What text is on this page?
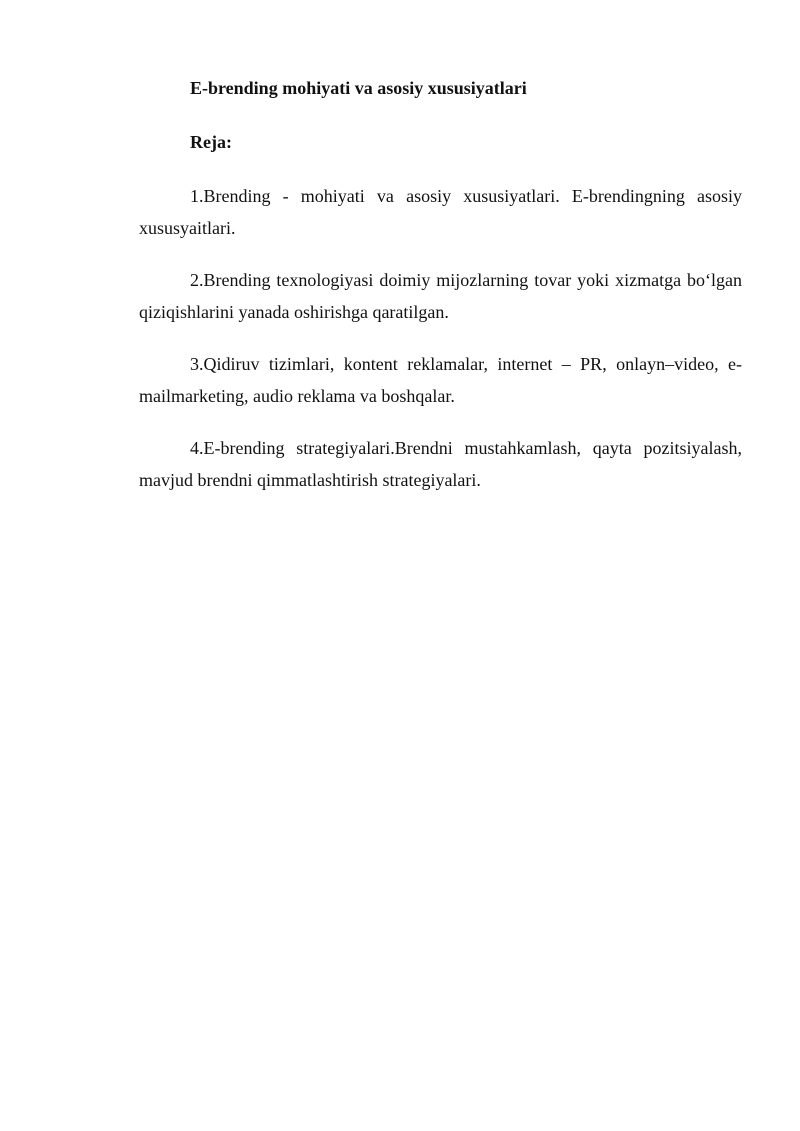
E-brending mohiyati va asosiy xususiyatlari

Reja:

1.Brending - mohiyati va asosiy xususiyatlari. E-brendingning asosiy xususyaitlari.

2.Brending texnologiyasi doimiy mijozlarning tovar yoki xizmatga bo‘lgan qiziqishlarini yanada oshirishga qaratilgan.

3.Qidiruv tizimlari, kontent reklamalar, internet – PR, onlayn–video, e-mailmarketing, audio reklama va boshqalar.

4.E-brending strategiyalari.Brendni mustahkamlash, qayta pozitsiyalash, mavjud brendni qimmatlashtirish strategiyalari.
